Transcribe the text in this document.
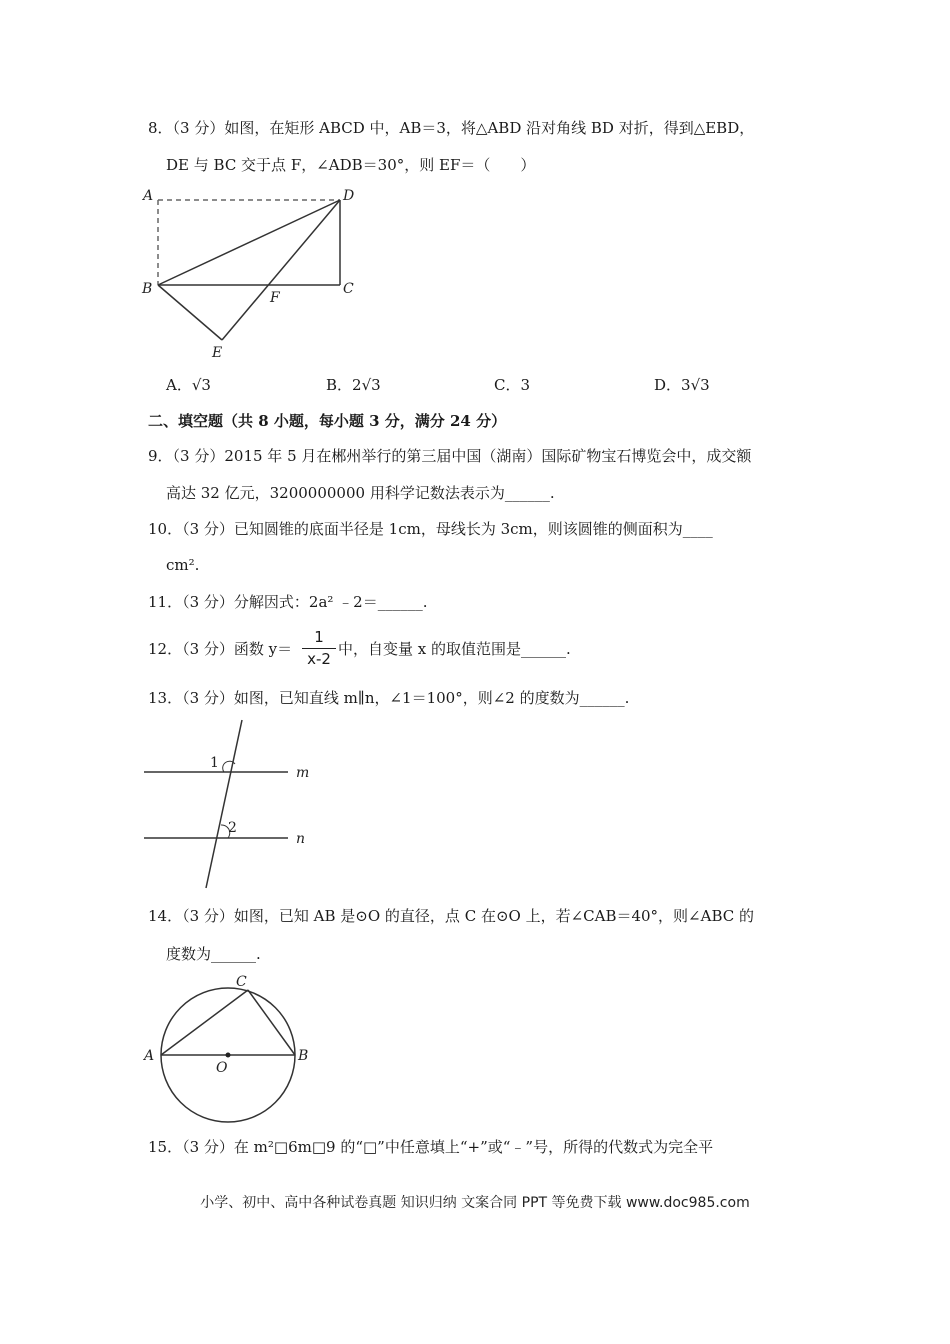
8．（3 分）如图，在矩形 ABCD 中，AB＝3，将△ABD 沿对角线 BD 对折，得到△EBD，
DE 与 BC 交于点 F，∠ADB＝30°，则 EF＝（　　）
A	D
B	C
F
E
A．√3	B．2√3	C．3	D．3√3
二、填空题（共 8 小题，每小题 3 分，满分 24 分）
9．（3 分）2015 年 5 月在郴州举行的第三届中国（湖南）国际矿物宝石博览会中，成交额
高达 32 亿元，3200000000 用科学记数法表示为______.
10．（3 分）已知圆锥的底面半径是 1cm，母线长为 3cm，则该圆锥的侧面积为____
cm².
11．（3 分）分解因式：2a² ﹣2＝______.
12．（3 分）函数 y＝
1
x-2
中，自变量 x 的取值范围是______.
13．（3 分）如图，已知直线 m∥n，∠1＝100°，则∠2 的度数为______.
1
2
m
n
14．（3 分）如图，已知 AB 是⊙O 的直径，点 C 在⊙O 上，若∠CAB＝40°，则∠ABC 的
度数为______.
A	B
C
O
15．（3 分）在 m²□6m□9 的“□”中任意填上“+”或“﹣”号，所得的代数式为完全平
小学、初中、高中各种试卷真题 知识归纳 文案合同 PPT 等免费下载 www.doc985.com
